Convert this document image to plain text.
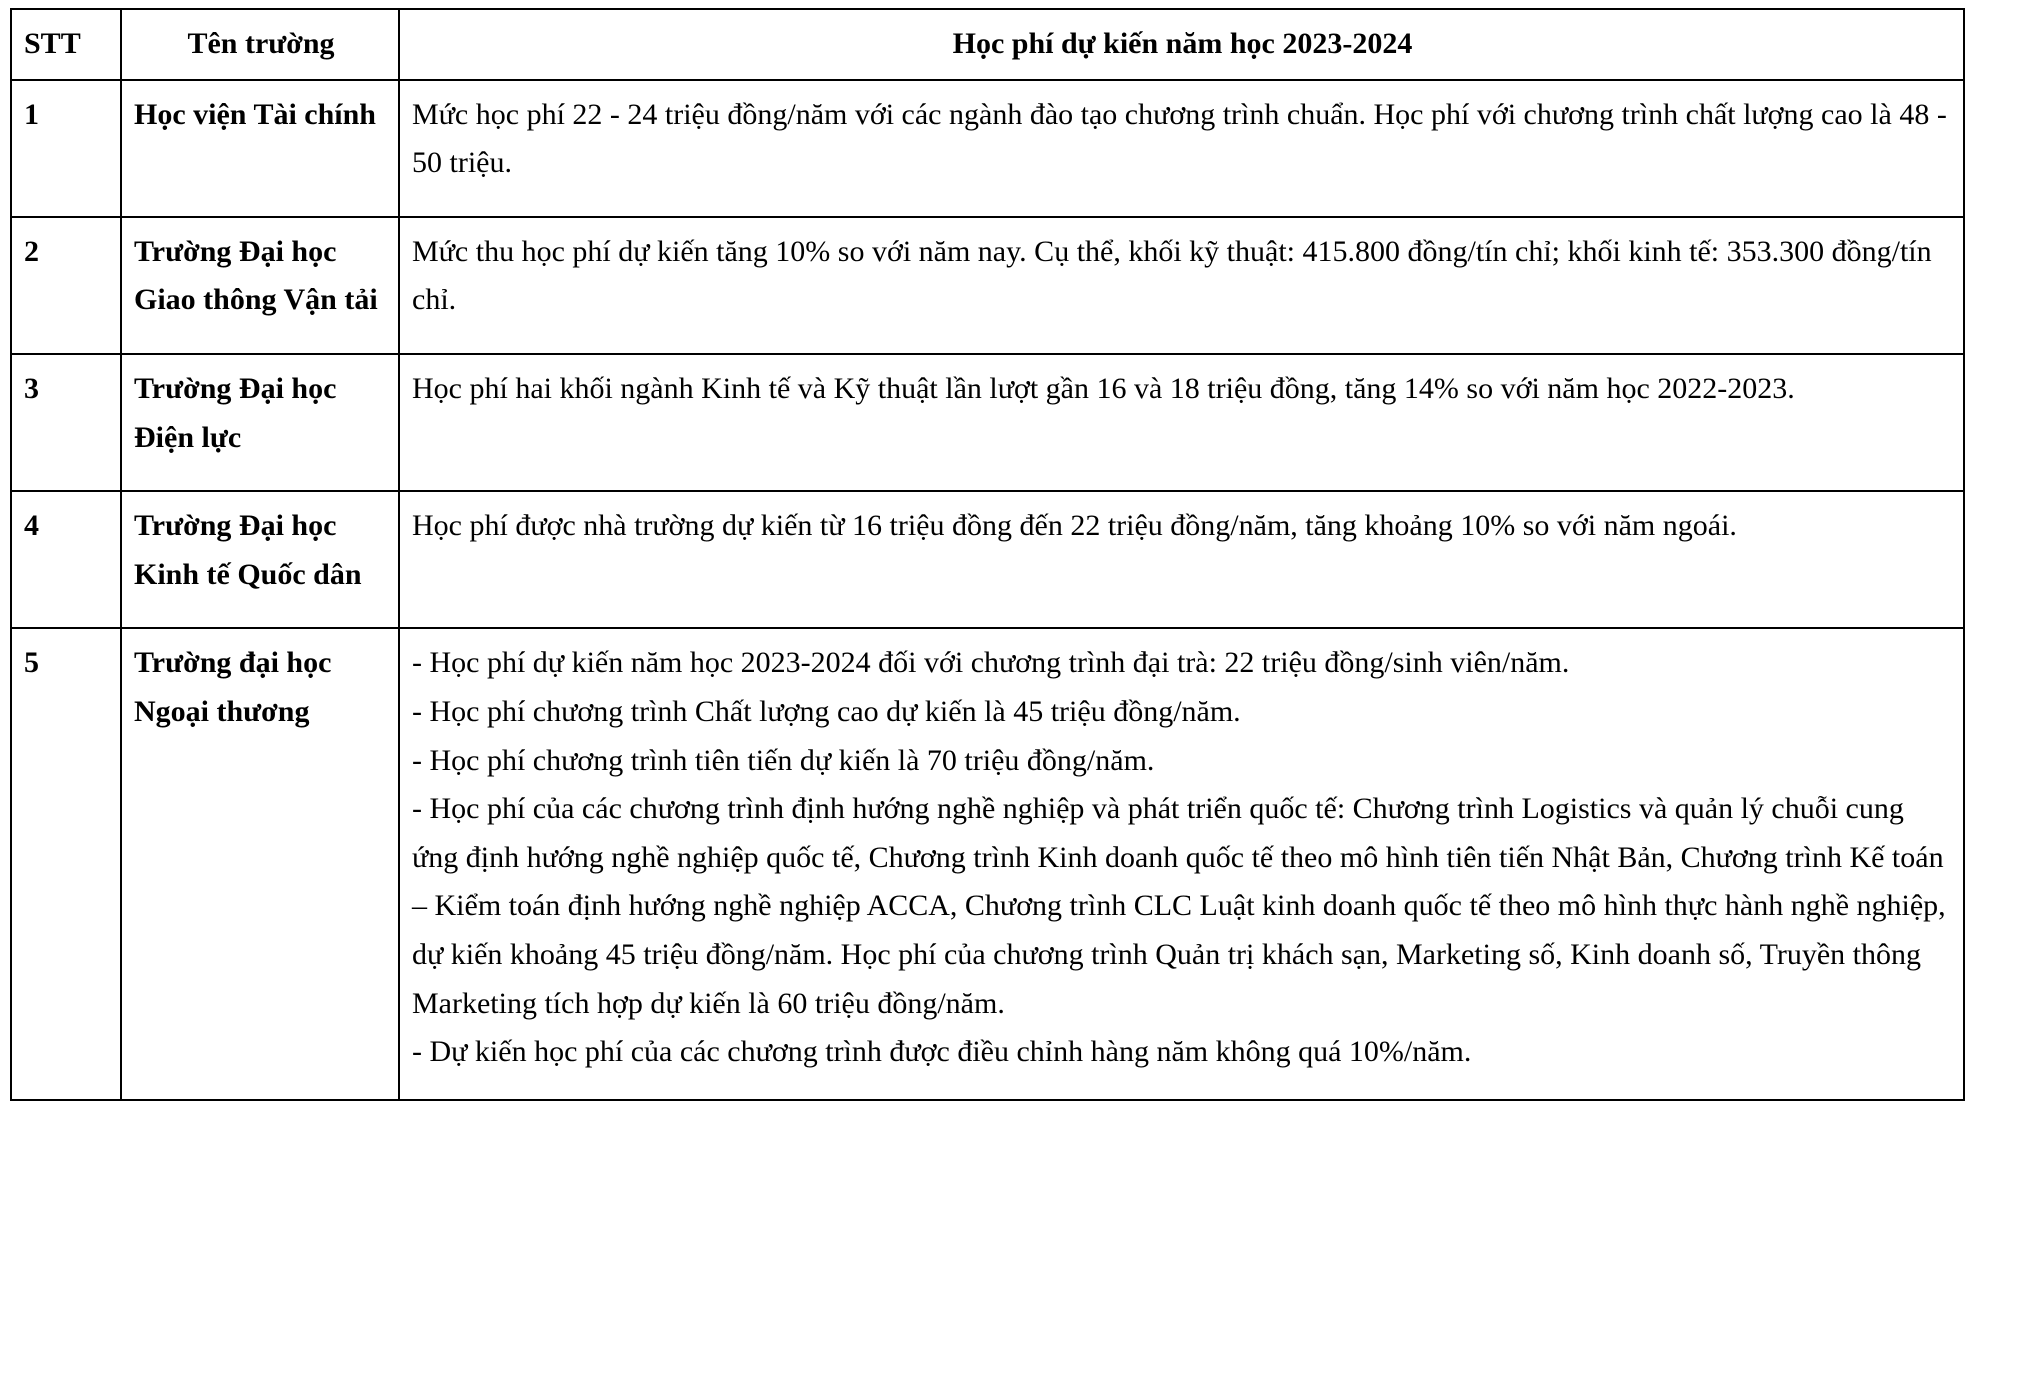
STT	Tên trường	Học phí dự kiến năm học 2023-2024
1	Học viện Tài chính	Mức học phí 22 - 24 triệu đồng/năm với các ngành đào tạo chương trình chuẩn. Học phí với chương trình chất lượng cao là 48 - 50 triệu.

2	Trường Đại học Giao thông Vận tải	Mức thu học phí dự kiến tăng 10% so với năm nay. Cụ thể, khối kỹ thuật: 415.800 đồng/tín chỉ; khối kinh tế: 353.300 đồng/tín chỉ.

3	Trường Đại học Điện lực	Học phí hai khối ngành Kinh tế và Kỹ thuật lần lượt gần 16 và 18 triệu đồng, tăng 14% so với năm học 2022-2023.

4	Trường Đại học Kinh tế Quốc dân	Học phí được nhà trường dự kiến từ 16 triệu đồng đến 22 triệu đồng/năm, tăng khoảng 10% so với năm ngoái.

5	Trường đại học Ngoại thương	- Học phí dự kiến năm học 2023-2024 đối với chương trình đại trà: 22 triệu đồng/sinh viên/năm.

- Học phí chương trình Chất lượng cao dự kiến là 45 triệu đồng/năm.

- Học phí chương trình tiên tiến dự kiến là 70 triệu đồng/năm.

- Học phí của các chương trình định hướng nghề nghiệp và phát triển quốc tế: Chương trình Logistics và quản lý chuỗi cung ứng định hướng nghề nghiệp quốc tế, Chương trình Kinh doanh quốc tế theo mô hình tiên tiến Nhật Bản, Chương trình Kế toán – Kiểm toán định hướng nghề nghiệp ACCA, Chương trình CLC Luật kinh doanh quốc tế theo mô hình thực hành nghề nghiệp, dự kiến khoảng 45 triệu đồng/năm. Học phí của chương trình Quản trị khách sạn, Marketing số, Kinh doanh số, Truyền thông Marketing tích hợp dự kiến là 60 triệu đồng/năm.

- Dự kiến học phí của các chương trình được điều chỉnh hàng năm không quá 10%/năm.
